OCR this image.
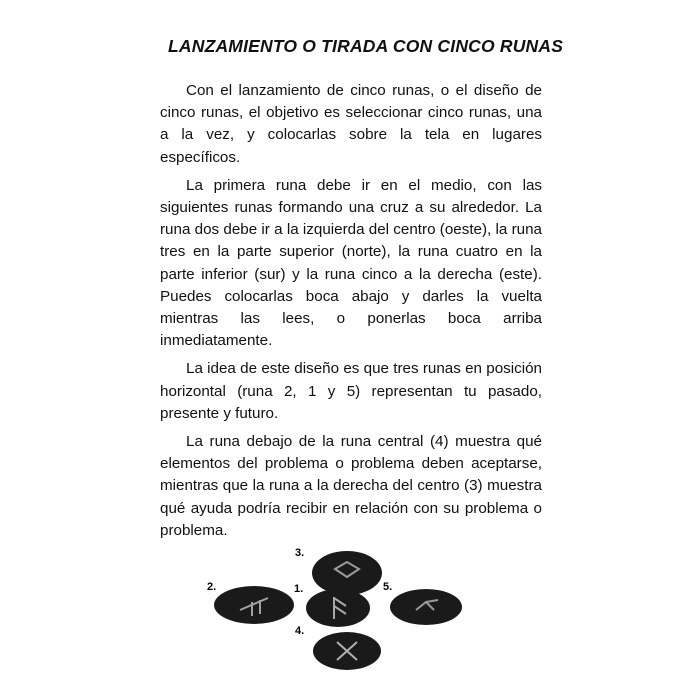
LANZAMIENTO O TIRADA CON CINCO RUNAS

Con el lanzamiento de cinco runas, o el diseño de cinco runas, el objetivo es seleccionar cinco runas, una a la vez, y colocarlas sobre la tela en lugares específicos.

La primera runa debe ir en el medio, con las siguientes runas formando una cruz a su alrededor. La runa dos debe ir a la izquierda del centro (oeste), la runa tres en la parte superior (norte), la runa cuatro en la parte inferior (sur) y la runa cinco a la derecha (este). Puedes colocarlas boca abajo y darles la vuelta mientras las lees, o ponerlas boca arriba inmediatamente.

La idea de este diseño es que tres runas en posición horizontal (runa 2, 1 y 5) representan tu pasado, presente y futuro.

La runa debajo de la runa central (4) muestra qué elementos del problema o problema deben aceptarse, mientras que la runa a la derecha del centro (3) muestra qué ayuda podría recibir en relación con su problema o problema.

3.
2.	1.	5.
4.
